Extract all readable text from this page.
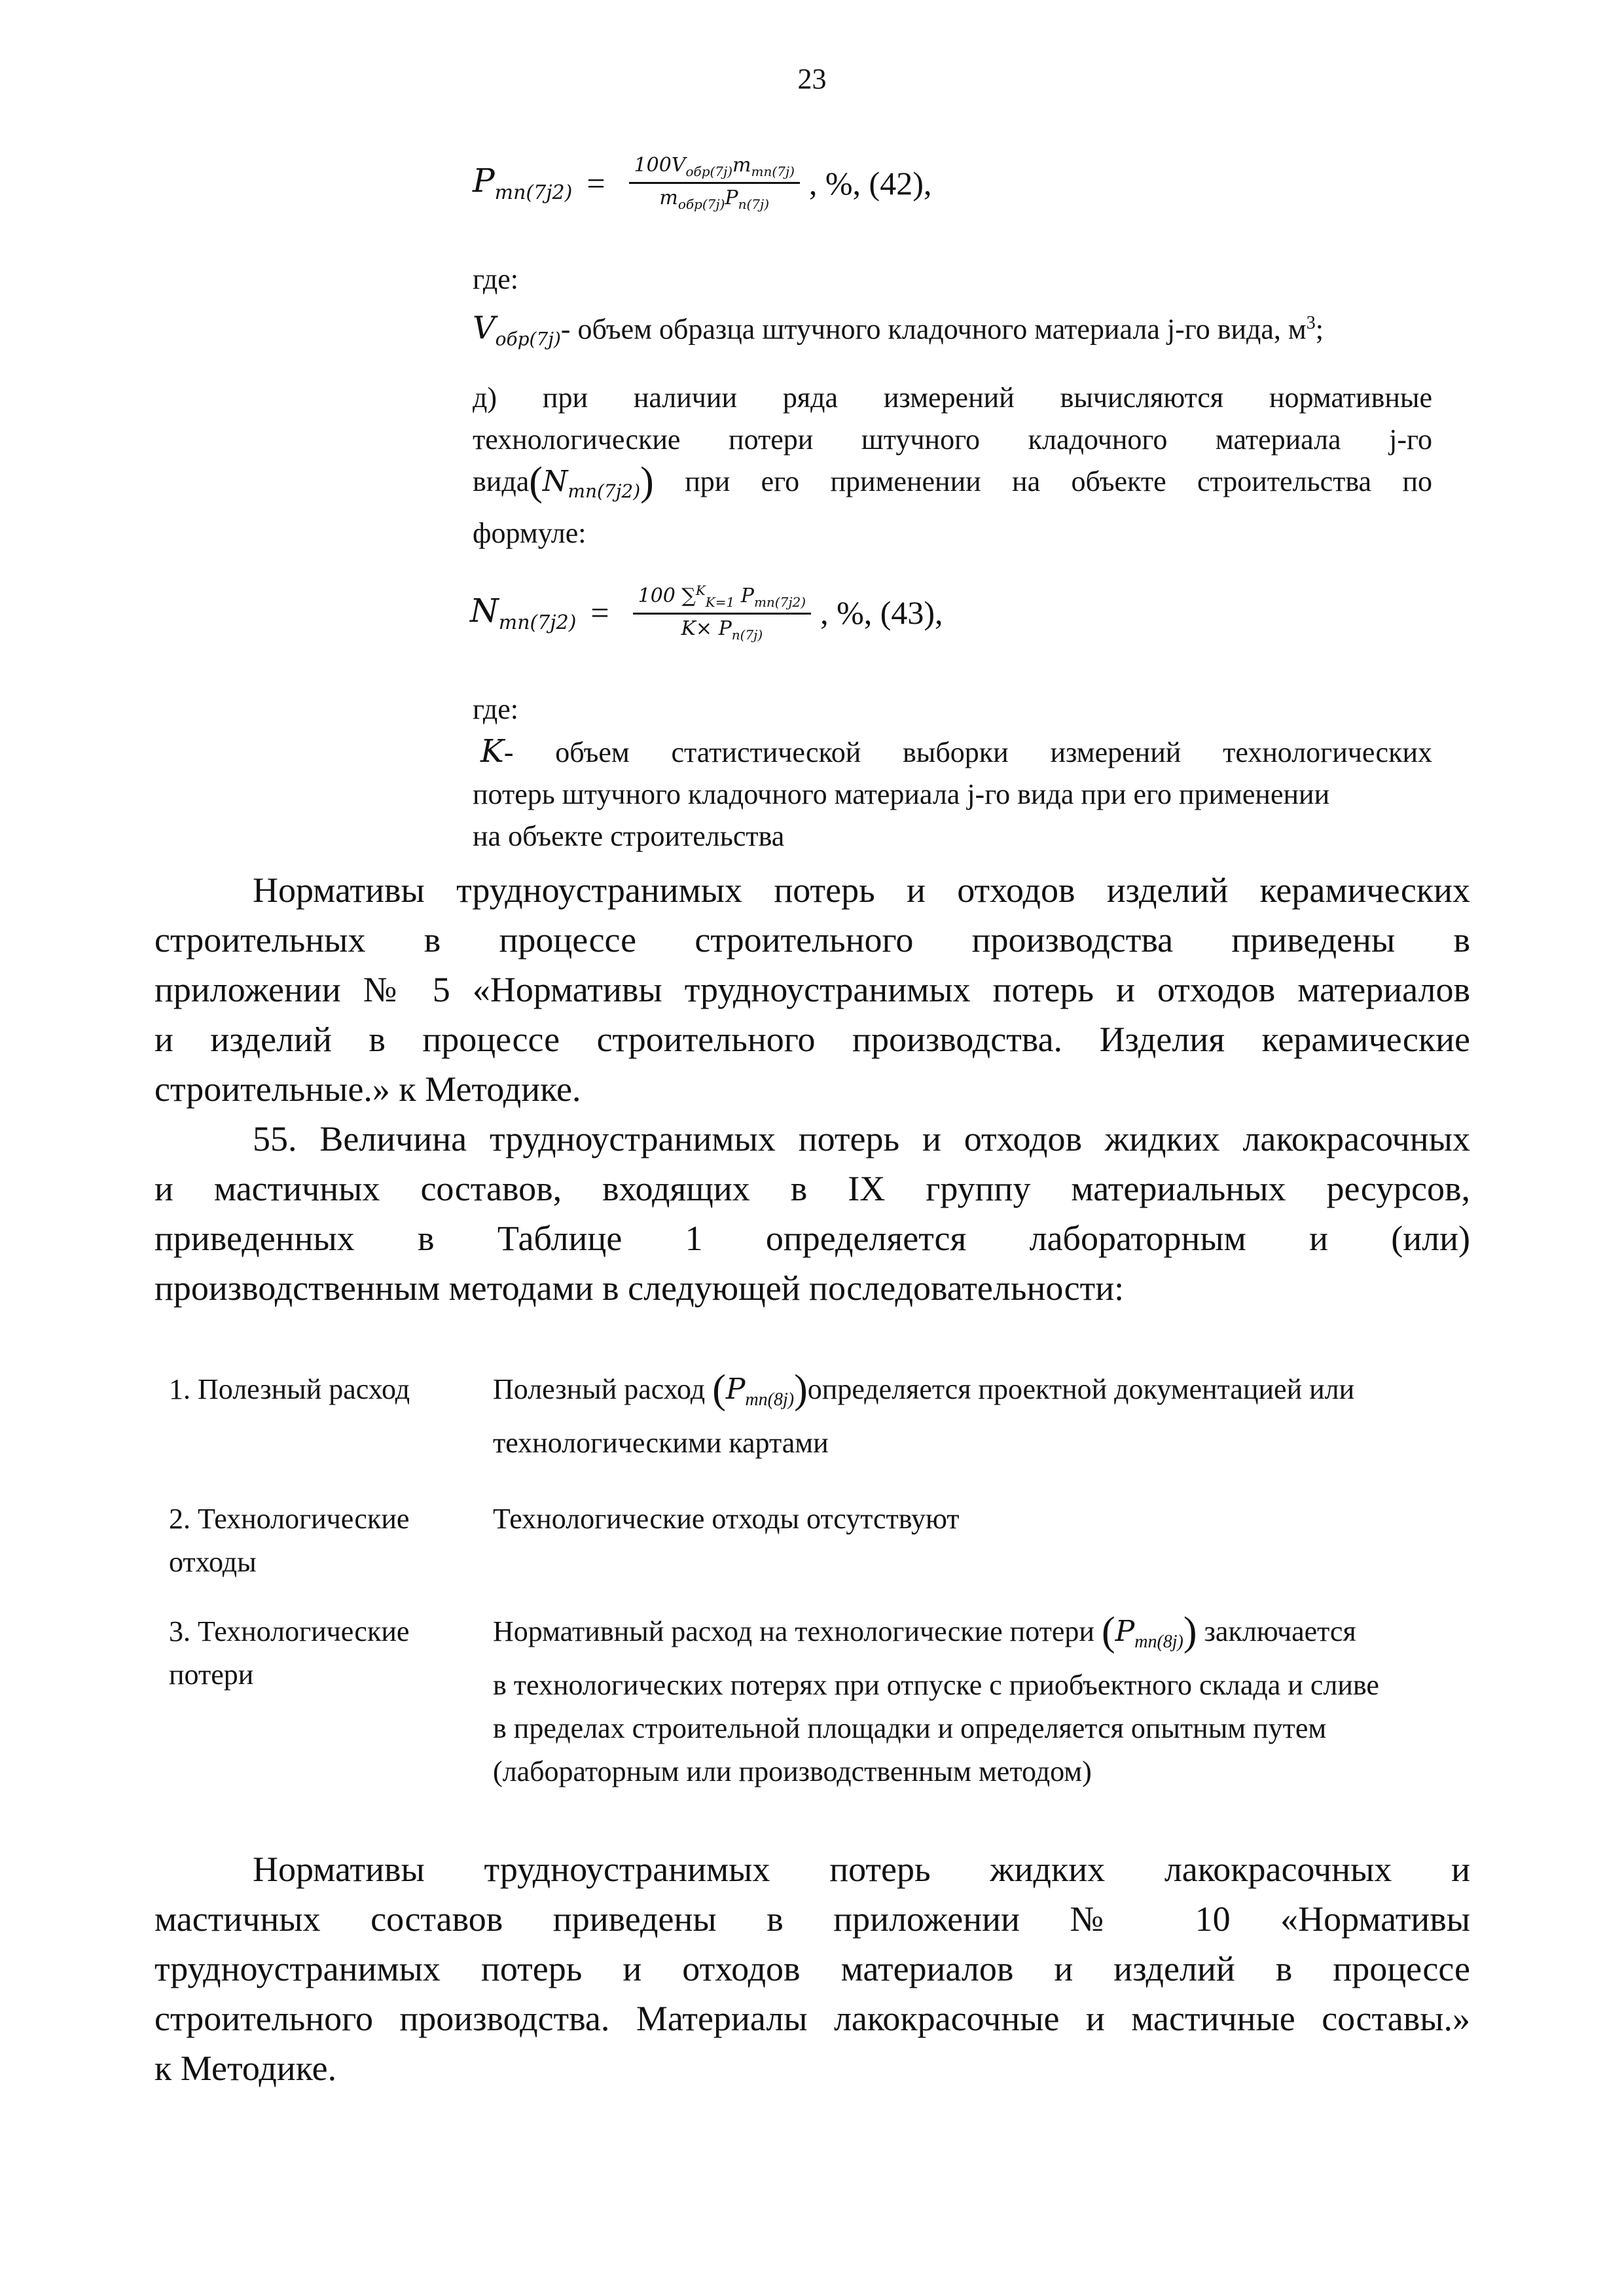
23
$P_{тп(7j2)} = \frac{100V_{обр(7j)}m_{тп(7j)}}{m_{обр(7j)}P_{п(7j)}}$ , %, (42),
где:
$V_{обр(7j)}-$ объем образца штучного кладочного материала j-го вида, $м^3$;
д) при наличии ряда измерений вычисляются нормативные
технологические потери штучного кладочного материала j-го
$вида(N_{тп(7j2)})$ при его применении на объекте строительства по
формуле:
$N_{тп(7j2)} = \frac{100 \sum^K_{K=1} P_{тп(7j2)}}{K\times P_{п(7j)}}$ , %, (43),
где:
K- объем статистической выборки измерений технологических
потерь штучного кладочного материала j-го вида при его применении
на объекте строительства
Нормативы трудноустранимых потерь и отходов изделий керамических
строительных в процессе строительного производства приведены в
приложении № 5 «Нормативы трудноустранимых потерь и отходов материалов
и изделий в процессе строительного производства. Изделия керамические
строительные.» к Методике.
55. Величина трудноустранимых потерь и отходов жидких лакокрасочных
и мастичных составов, входящих в IX группу материальных ресурсов,
приведенных в Таблице 1 определяется лабораторным и (или)
производственным методами в следующей последовательности:
1. Полезный расход	Полезный расход $(P_{тп(8j)})определяется$ проектной документацией или
технологическими картами
2. Технологические
отходы
Технологические отходы отсутствуют
3. Технологические
потери
Нормативный расход на технологические потери $(P_{тп(8j)})$ заключается
в технологических потерях при отпуске с приобъектного склада и сливе
в пределах строительной площадки и определяется опытным путем
(лабораторным или производственным методом)
Нормативы трудноустранимых потерь жидких лакокрасочных и
мастичных составов приведены в приложении № 10 «Нормативы
трудноустранимых потерь и отходов материалов и изделий в процессе
строительного производства. Материалы лакокрасочные и мастичные составы.»
к Методике.
